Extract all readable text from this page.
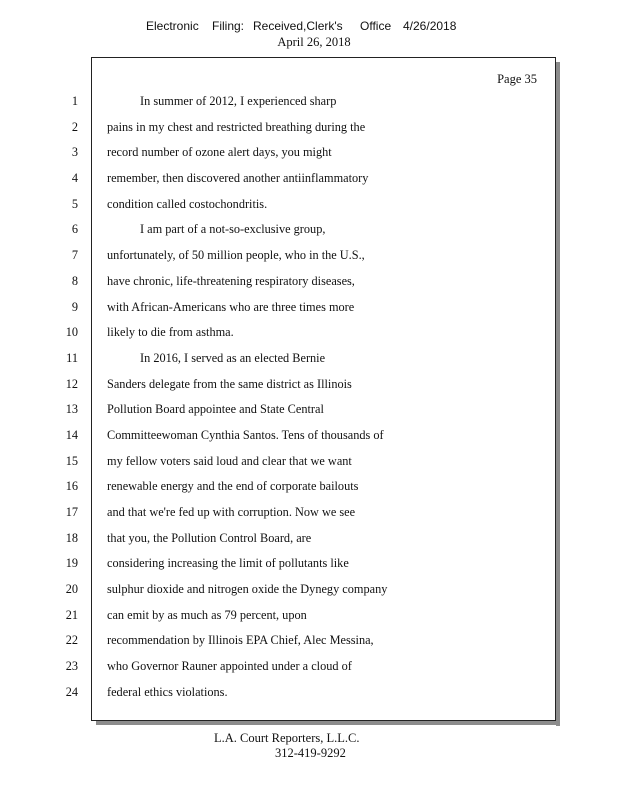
Electronic Filing: Received,Clerk's Office 4/26/2018
April 26, 2018
Page 35
1	In summer of 2012, I experienced sharp
2 pains in my chest and restricted breathing during the
3 record number of ozone alert days, you might
4 remember, then discovered another antiinflammatory
5 condition called costochondritis.
6	I am part of a not-so-exclusive group,
7 unfortunately, of 50 million people, who in the U.S.,
8 have chronic, life-threatening respiratory diseases,
9 with African-Americans who are three times more
10 likely to die from asthma.
11	In 2016, I served as an elected Bernie
12 Sanders delegate from the same district as Illinois
13 Pollution Board appointee and State Central
14 Committeewoman Cynthia Santos. Tens of thousands of
15 my fellow voters said loud and clear that we want
16 renewable energy and the end of corporate bailouts
17 and that we're fed up with corruption. Now we see
18 that you, the Pollution Control Board, are
19 considering increasing the limit of pollutants like
20 sulphur dioxide and nitrogen oxide the Dynegy company
21 can emit by as much as 79 percent, upon
22 recommendation by Illinois EPA Chief, Alec Messina,
23 who Governor Rauner appointed under a cloud of
24 federal ethics violations.
L.A. Court Reporters, L.L.C.
312-419-9292
